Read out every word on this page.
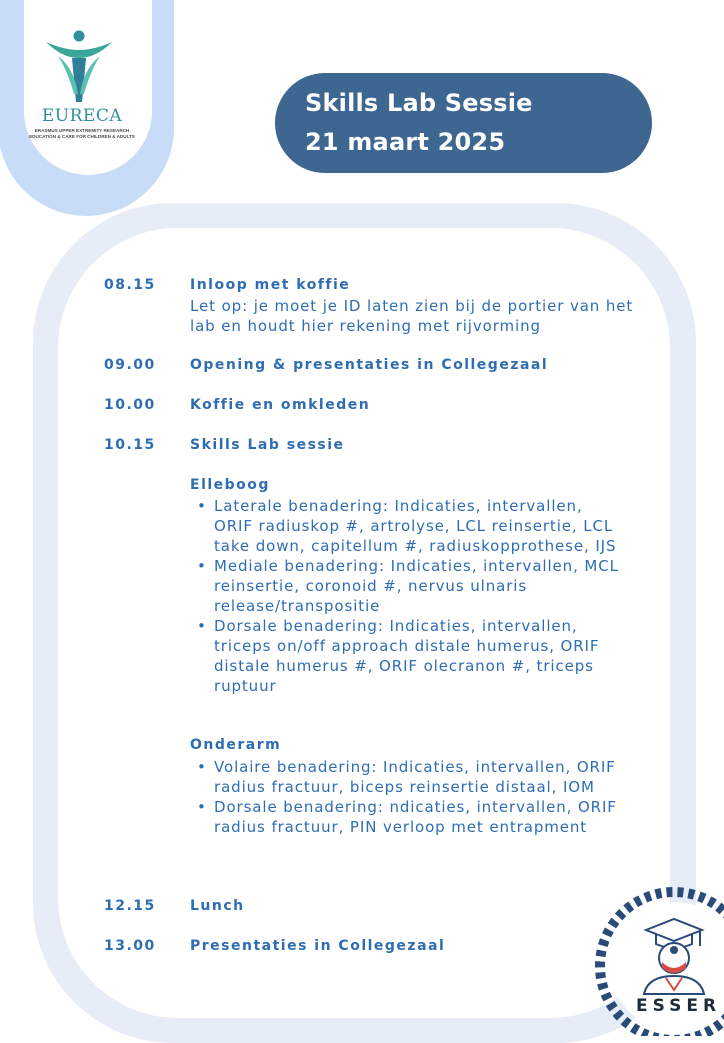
EURECA
ERASMUS UPPER EXTREMITY RESEARCH EDUCATION & CARE FOR CHILDREN & ADULTS
Skills Lab Sessie
21 maart 2025
08.15 Inloop met koffie
Let op: je moet je ID laten zien bij de portier van het lab en houdt hier rekening met rijvorming
09.00 Opening & presentaties in Collegezaal
10.00 Koffie en omkleden
10.15 Skills Lab sessie
Elleboog
• Laterale benadering: Indicaties, intervallen, ORIF radiuskop #, artrolyse, LCL reinsertie, LCL take down, capitellum #, radiuskopprothese, IJS
• Mediale benadering: Indicaties, intervallen, MCL reinsertie, coronoid #, nervus ulnaris release/transpositie
• Dorsale benadering: Indicaties, intervallen, triceps on/off approach distale humerus, ORIF distale humerus #, ORIF olecranon #, triceps ruptuur
Onderarm
• Volaire benadering: Indicaties, intervallen, ORIF radius fractuur, biceps reinsertie distaal, IOM
• Dorsale benadering: ndicaties, intervallen, ORIF radius fractuur, PIN verloop met entrapment
12.15 Lunch
13.00 Presentaties in Collegezaal
ESSER
